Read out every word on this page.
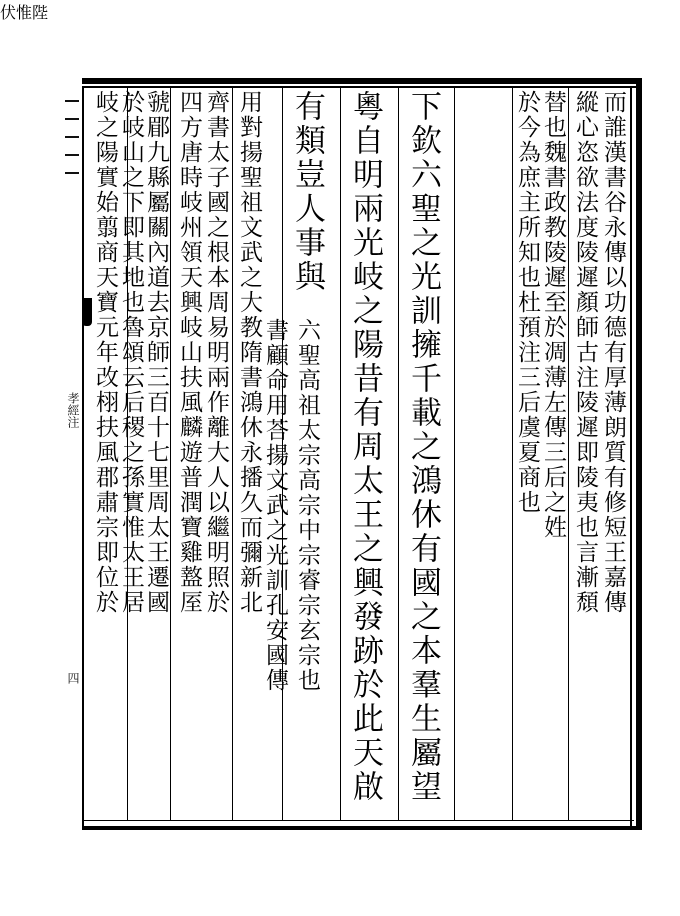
孝經注
四
而誰漢書谷永傳以功德有厚薄朗質有修短王嘉傳
縱心恣欲法度陵遲顏師古注陵遲即陵夷也言漸頹
替也魏書政教陵遲至於凋薄左傳三后之姓
於今為庶主所知也杜預注三后虞夏商也
伏惟陛
下欽六聖之光訓擁千載之鴻休有國之本羣生屬望
粵自明兩光岐之陽昔有周太王之興發跡於此天啟
有類豈人事與
六聖高祖太宗高宗中宗睿宗玄宗也
書顧命用荅揚文武之光訓孔安國傳
用對揚聖祖文武之大教隋書鴻休永播久而彌新北
齊書太子國之根本周易明兩作離大人以繼明照於
四方唐時岐州領天興岐山扶風麟遊普潤寶雞盩厔
虢郿九縣屬關內道去京師三百十七里周太王遷國
於岐山之下即其地也魯頌云后稷之孫實惟太王居
岐之陽實始翦商天寶元年改栩扶風郡肅宗即位於
